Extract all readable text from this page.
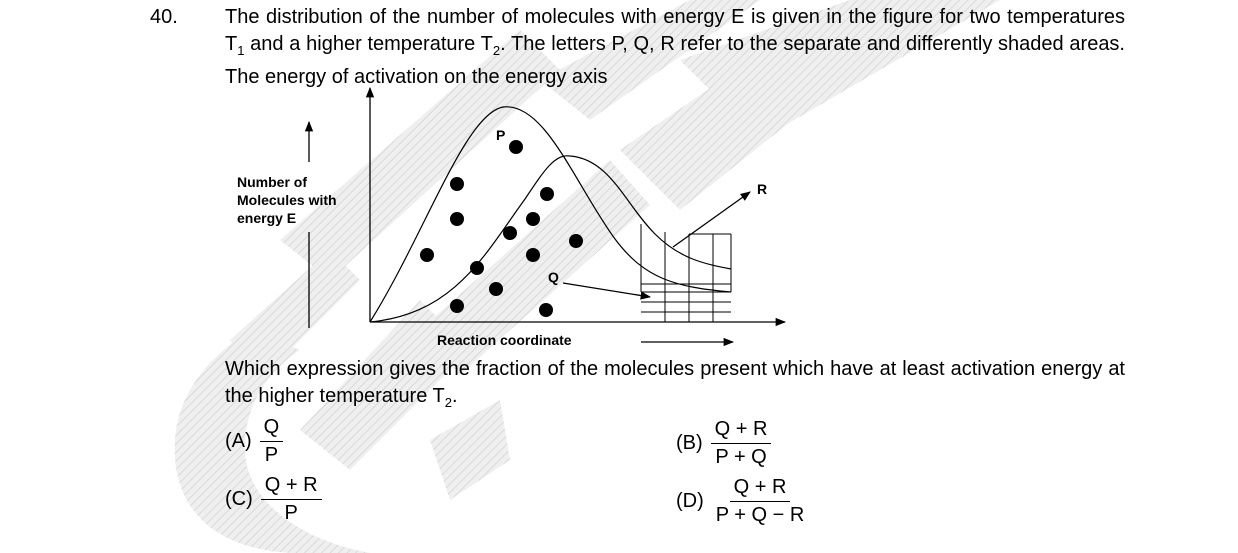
40. The distribution of the number of molecules with energy E is given in the figure for two temperatures $T_1$ and a higher temperature $T_2$. The letters P, Q, R refer to the separate and differently shaded areas. The energy of activation on the energy axis

Number of
Molecules with
energy E
P
Q
R
Reaction coordinate

Which expression gives the fraction of the molecules present which have at least activation energy at the higher temperature $T_2$.

$(A) \frac{Q}{P}$	$(B) \frac{Q + R}{P + Q}$
$(C) \frac{Q + R}{P}$	$(D) \frac{Q + R}{P + Q - R}$
